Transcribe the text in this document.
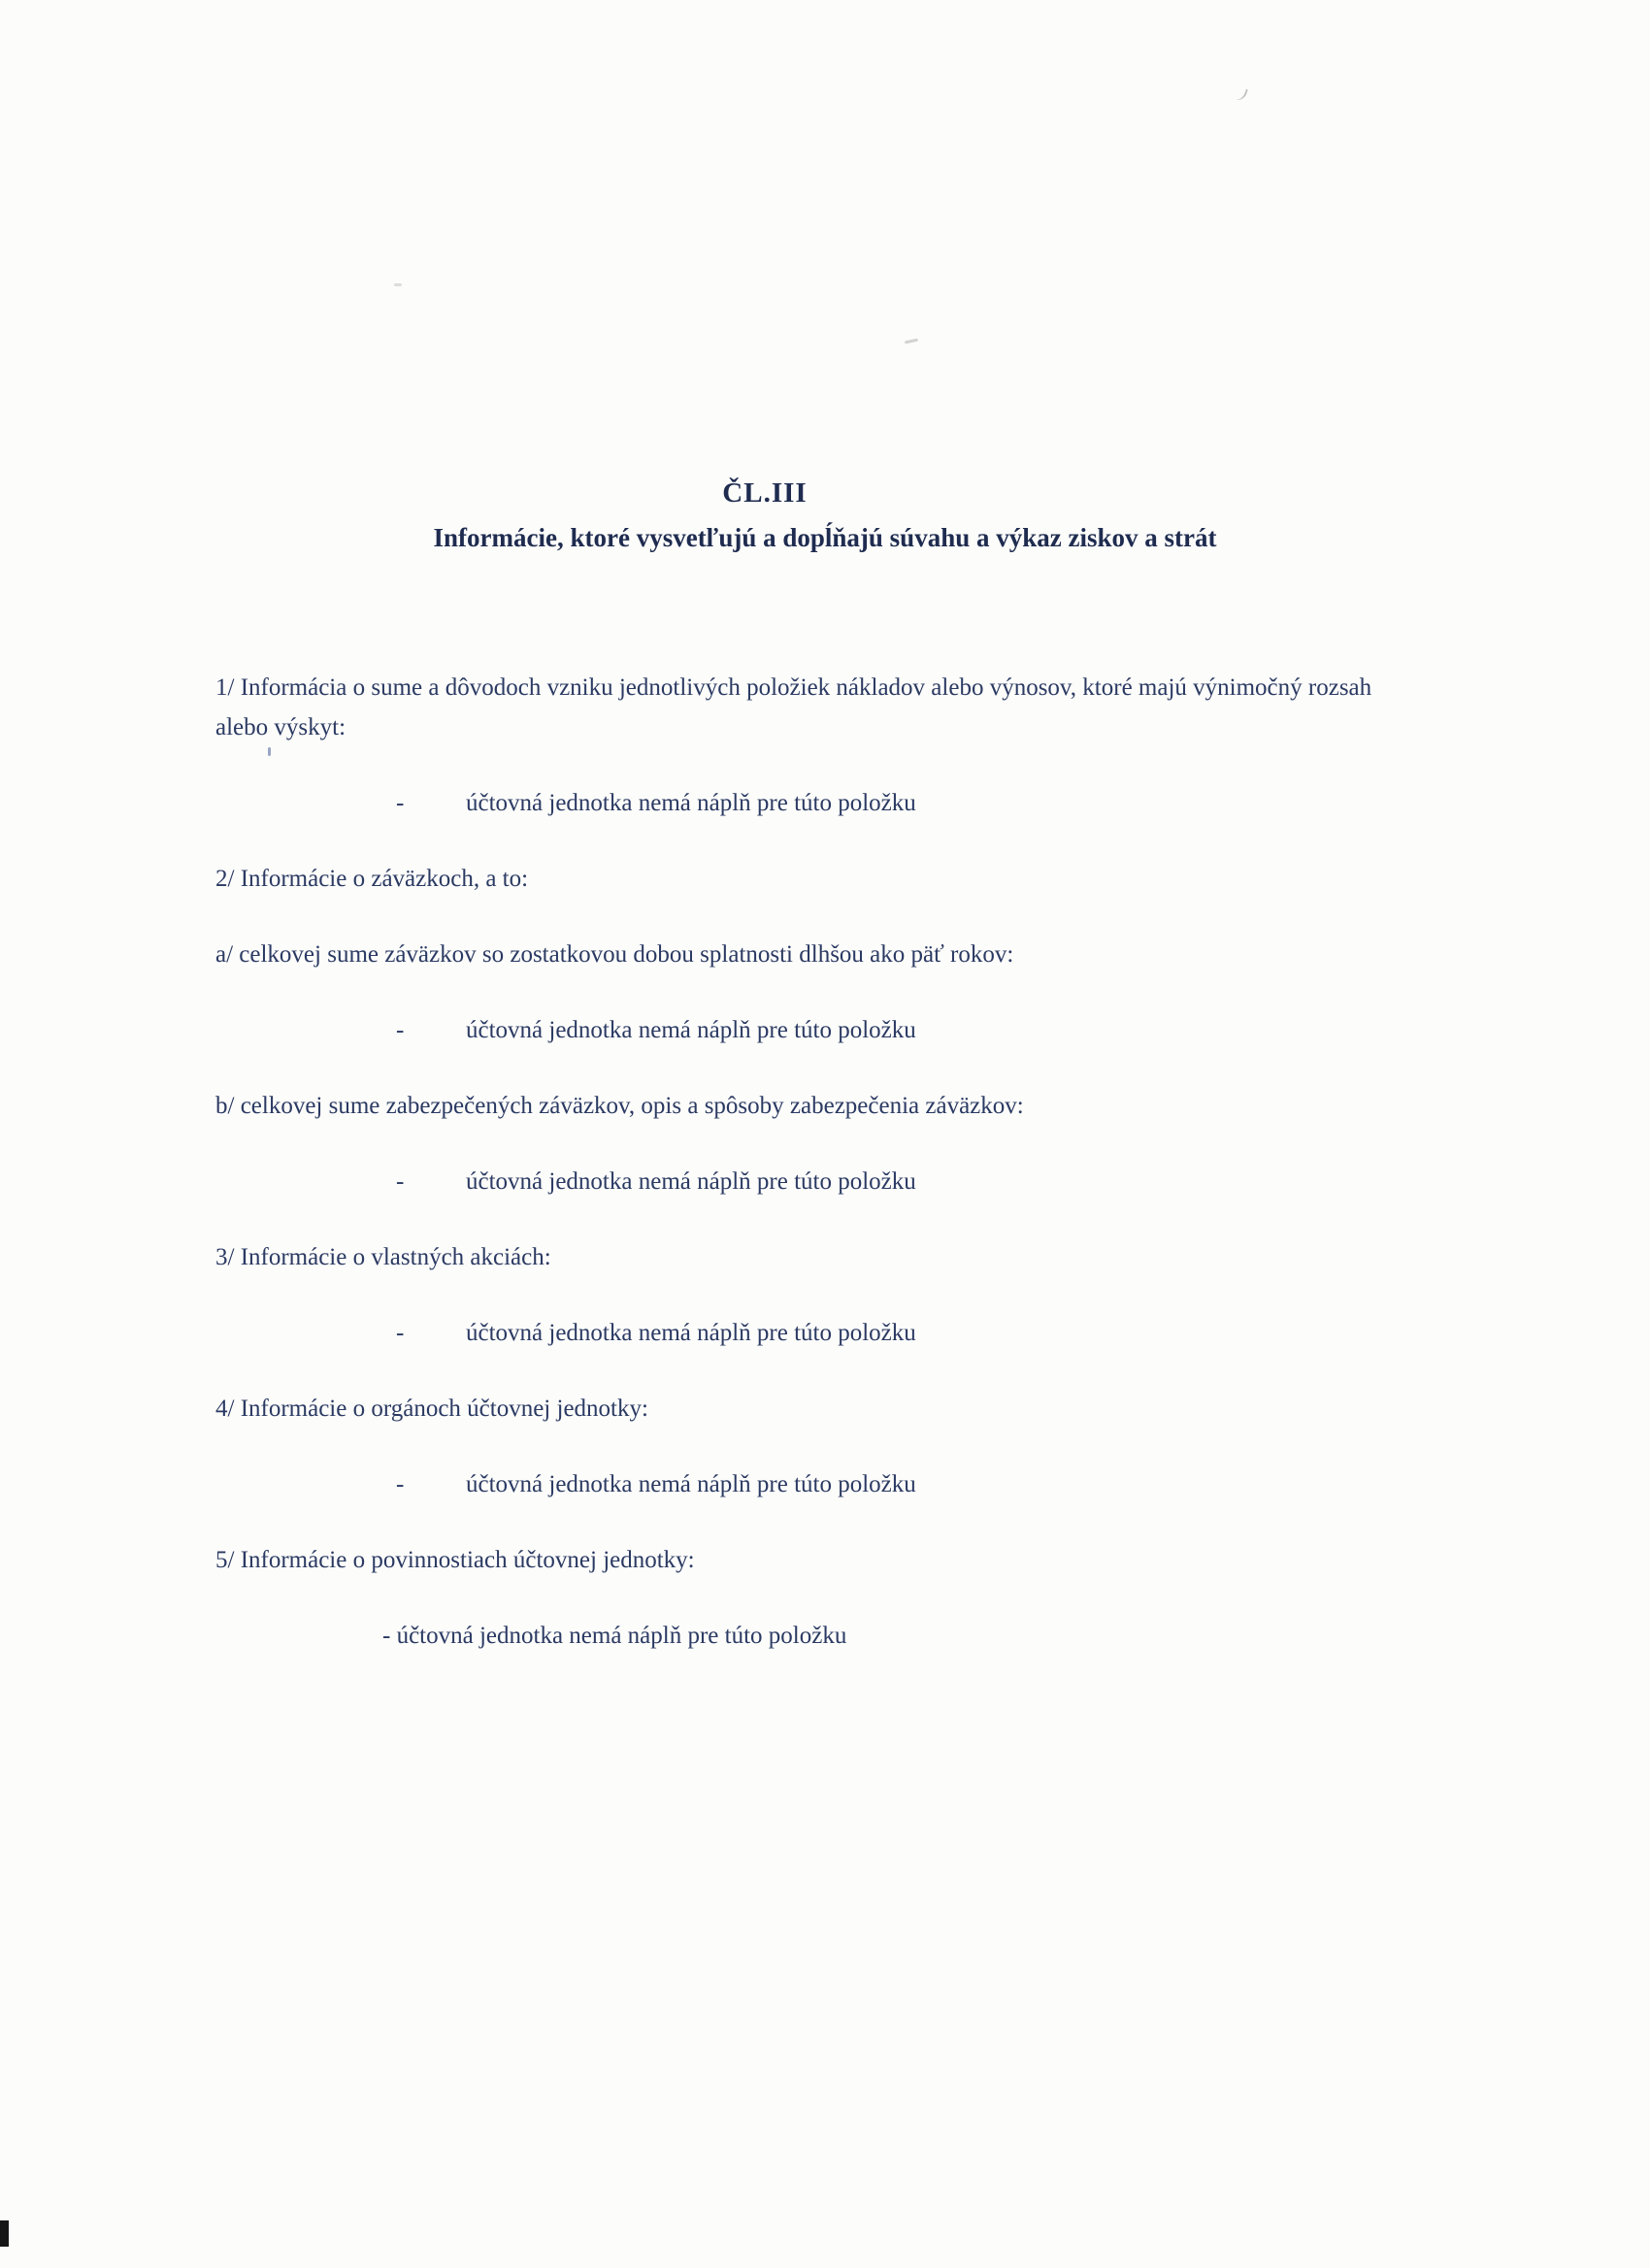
ČL.III
Informácie, ktoré vysvetľujú a dopĺňajú súvahu a výkaz ziskov a strát

1/ Informácia o sume a dôvodoch vzniku jednotlivých položiek nákladov alebo výnosov, ktoré majú výnimočný rozsah alebo výskyt:

-	účtovná jednotka nemá náplň pre túto položku

2/ Informácie o záväzkoch, a to:

a/ celkovej sume záväzkov so zostatkovou dobou splatnosti dlhšou ako päť rokov:

-	účtovná jednotka nemá náplň pre túto položku

b/ celkovej sume zabezpečených záväzkov, opis a spôsoby zabezpečenia záväzkov:

-	účtovná jednotka nemá náplň pre túto položku

3/ Informácie o vlastných akciách:

-	účtovná jednotka nemá náplň pre túto položku

4/ Informácie o orgánoch účtovnej jednotky:

-	účtovná jednotka nemá náplň pre túto položku

5/ Informácie o povinnostiach účtovnej jednotky:

- účtovná jednotka nemá náplň pre túto položku
